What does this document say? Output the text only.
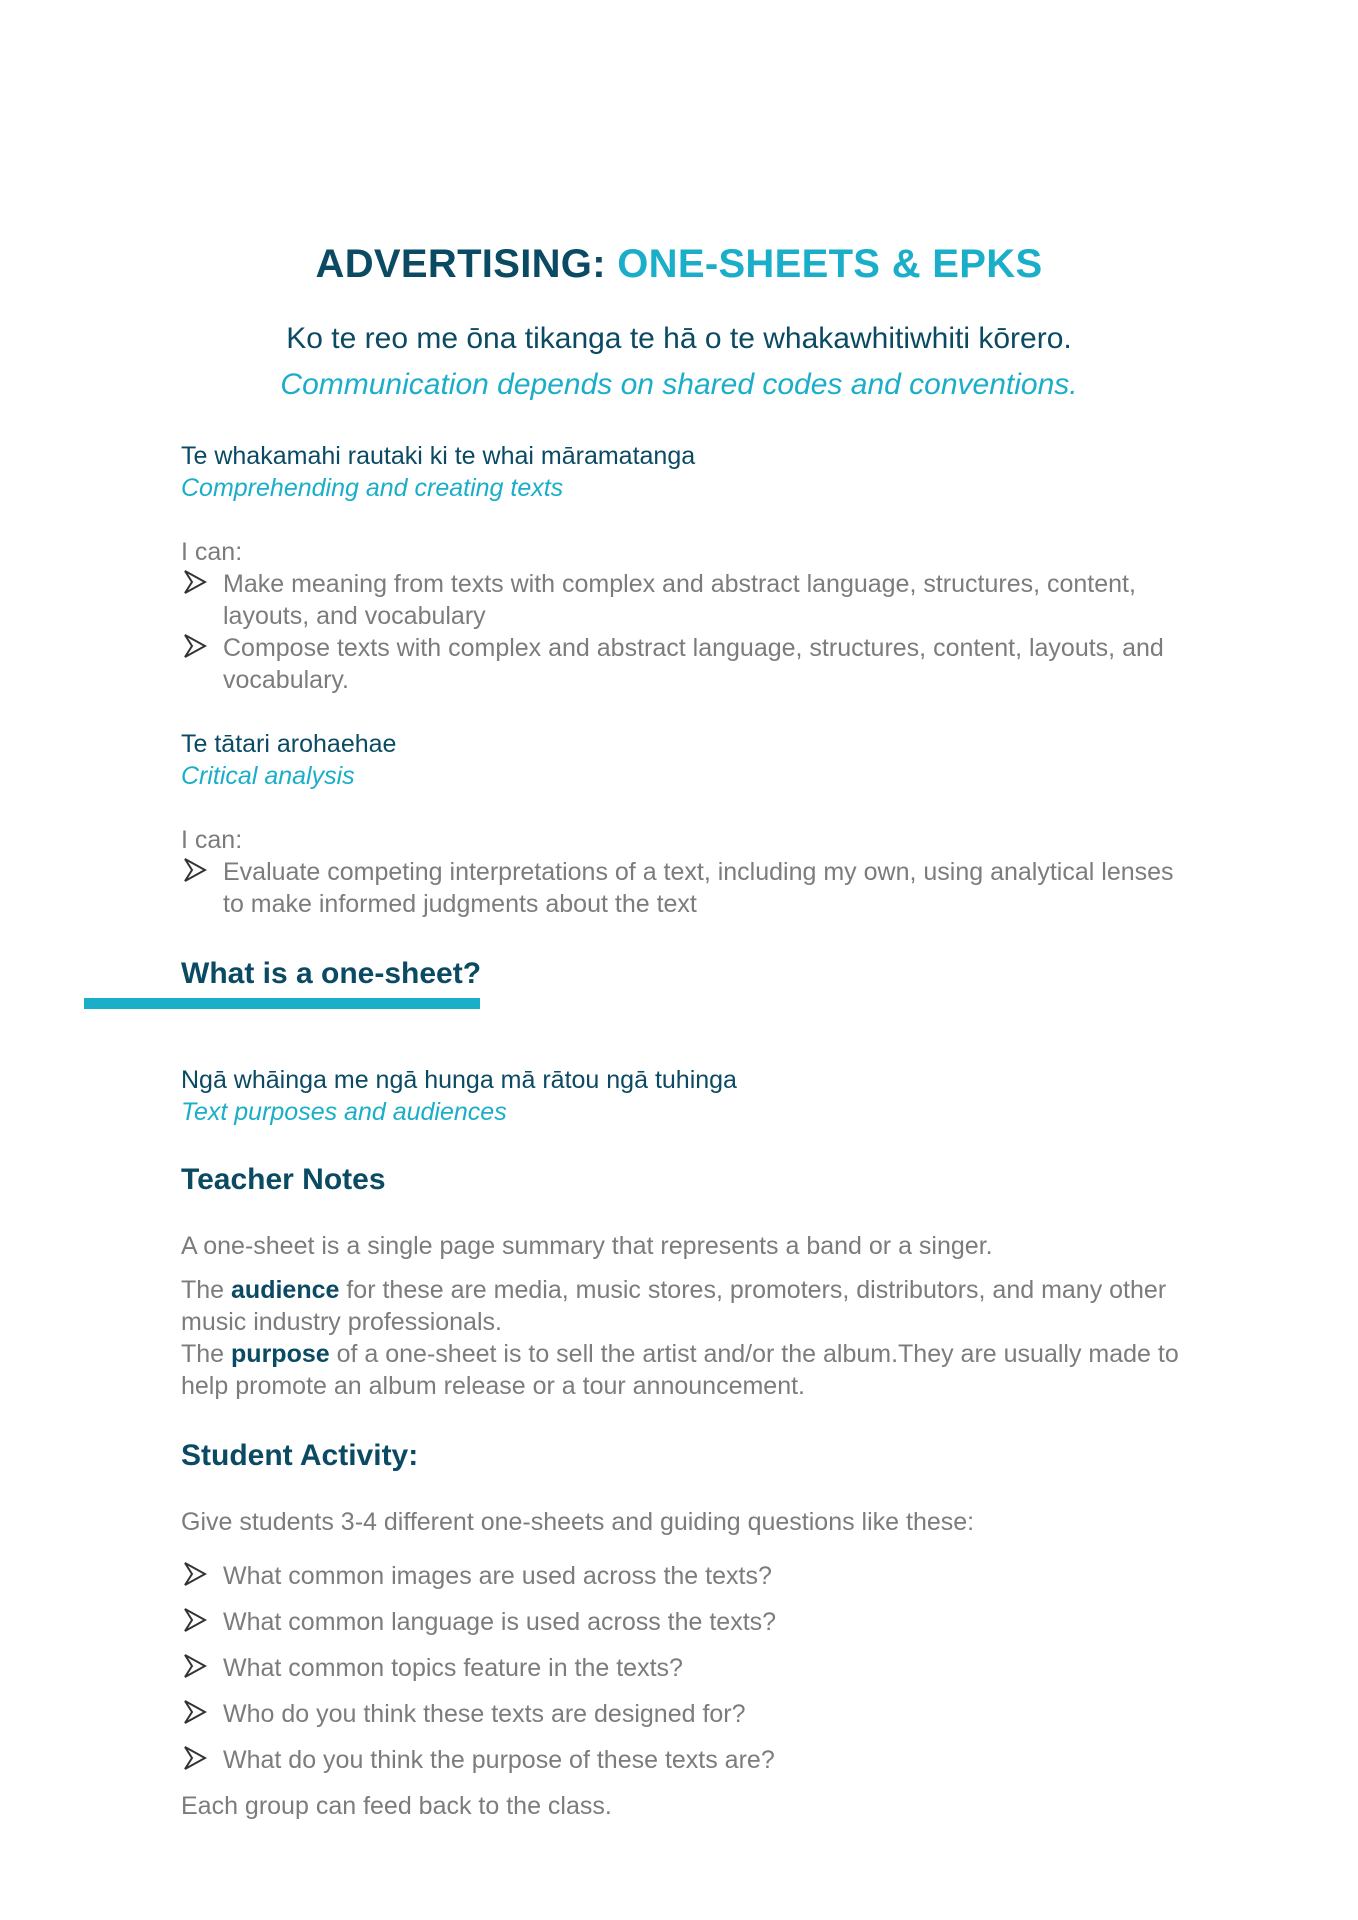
ADVERTISING: ONE-SHEETS & EPKS
Ko te reo me ōna tikanga te hā o te whakawhitiwhiti kōrero.
Communication depends on shared codes and conventions.
Te whakamahi rautaki ki te whai māramatanga
Comprehending and creating texts
I can:
Make meaning from texts with complex and abstract language, structures, content, layouts, and vocabulary
Compose texts with complex and abstract language, structures, content, layouts, and vocabulary.
Te tātari arohaehae
Critical analysis
I can:
Evaluate competing interpretations of a text, including my own, using analytical lenses to make informed judgments about the text
What is a one-sheet?
Ngā whāinga me ngā hunga mā rātou ngā tuhinga
Text purposes and audiences
Teacher Notes
A one-sheet is a single page summary that represents a band or a singer.
The audience for these are media, music stores, promoters, distributors, and many other music industry professionals.
The purpose of a one-sheet is to sell the artist and/or the album.They are usually made to help promote an album release or a tour announcement.
Student Activity:
Give students 3-4 different one-sheets and guiding questions like these:
What common images are used across the texts?
What common language is used across the texts?
What common topics feature in the texts?
Who do you think these texts are designed for?
What do you think the purpose of these texts are?
Each group can feed back to the class.
